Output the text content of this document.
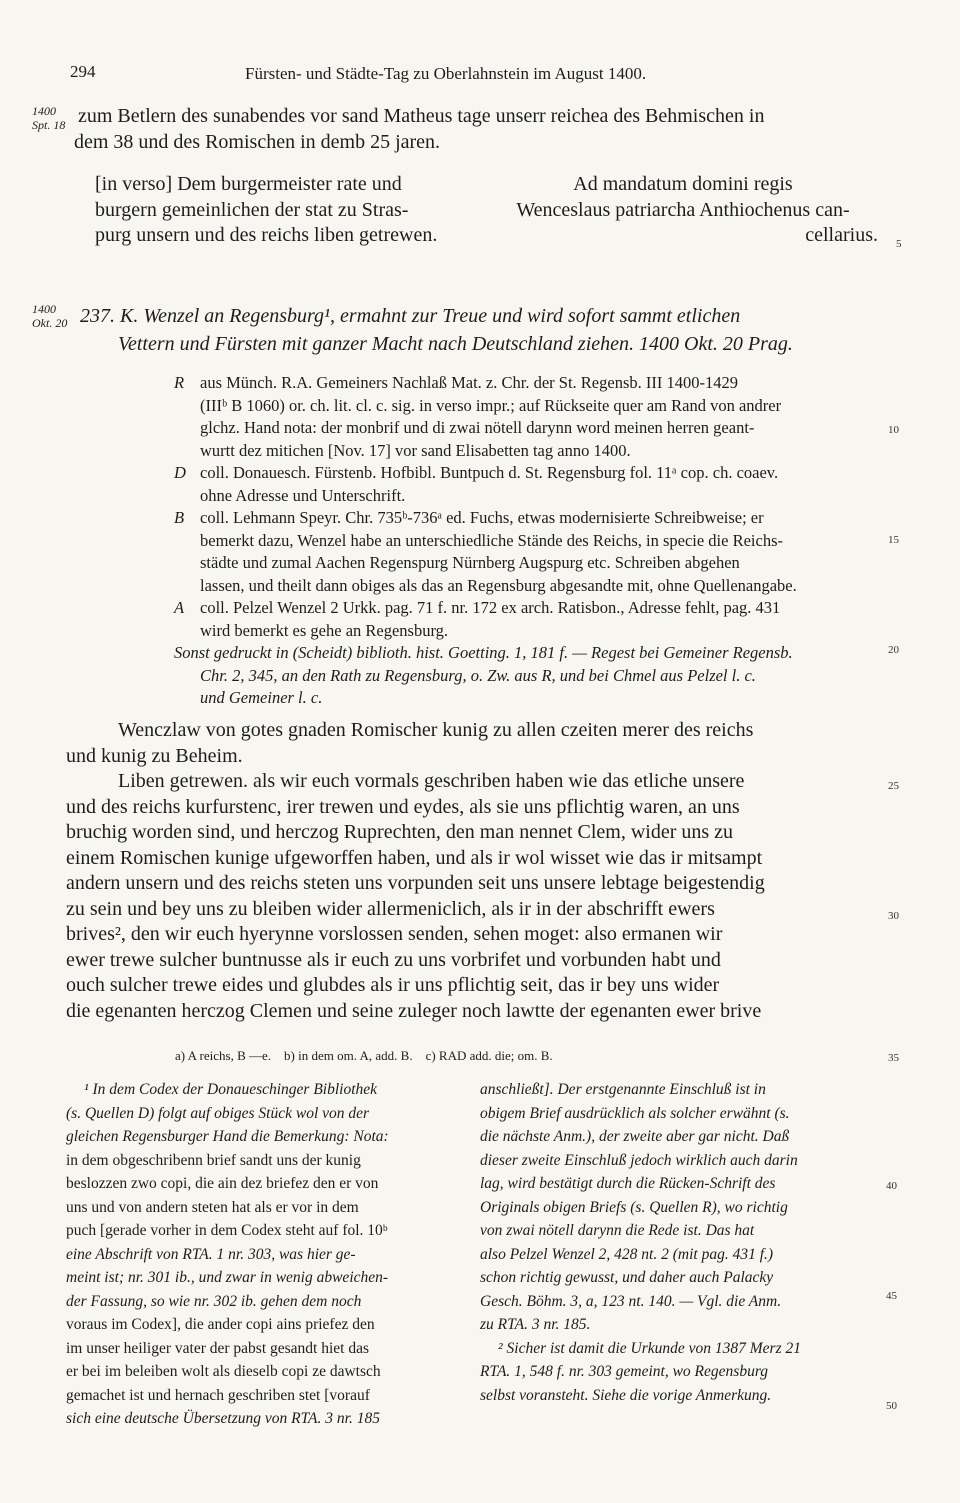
294	Fürsten- und Städte-Tag zu Oberlahnstein im August 1400.
1400
Spt. 18 zum Betlern des sunabendes vor sand Matheus tage unserr reichea des Behmischen in
dem 38 und des Romischen in demb 25 jaren.
[in verso] Dem burgermeister rate und
burgern gemeinlichen der stat zu Stras-
purg unsern und des reichs liben getrewen.
Ad mandatum domini regis
Wenceslaus patriarcha Anthiochenus can-
cellarius.
1400
Okt. 20 237. K. Wenzel an Regensburg¹, ermahnt zur Treue und wird sofort sammt etlichen
Vettern und Fürsten mit ganzer Macht nach Deutschland ziehen. 1400 Okt. 20 Prag.
R aus Münch. R.A. Gemeiners Nachlaß Mat. z. Chr. der St. Regensb. III 1400-1429
(IIIᵇ B 1060) or. ch. lit. cl. c. sig. in verso impr.; auf Rückseite quer am Rand von andrer
glchz. Hand nota: der monbrif und di zwai nötell darynn word meinen herren geant-
wurtt dez mitichen [Nov. 17] vor sand Elisabetten tag anno 1400.
D coll. Donauesch. Fürstenb. Hofbibl. Buntpuch d. St. Regensburg fol. 11ᵃ cop. ch. coaev.
ohne Adresse und Unterschrift.
B coll. Lehmann Speyr. Chr. 735ᵇ-736ᵃ ed. Fuchs, etwas modernisierte Schreibweise; er
bemerkt dazu, Wenzel habe an unterschiedliche Stände des Reichs, in specie die Reichs-
städte und zumal Aachen Regenspurg Nürnberg Augspurg etc. Schreiben abgehen
lassen, und theilt dann obiges als das an Regensburg abgesandte mit, ohne Quellenangabe.
A coll. Pelzel Wenzel 2 Urkk. pag. 71 f. nr. 172 ex arch. Ratisbon., Adresse fehlt, pag. 431
wird bemerkt es gehe an Regensburg.
Sonst gedruckt in (Scheidt) biblioth. hist. Goetting. 1, 181 f. — Regest bei Gemeiner Regensb.
Chr. 2, 345, an den Rath zu Regensburg, o. Zw. aus R, und bei Chmel aus Pelzel l. c.
und Gemeiner l. c.
Wenczlaw von gotes gnaden Romischer kunig zu allen czeiten merer des reichs
und kunig zu Beheim.
Liben getrewen. als wir euch vormals geschriben haben wie das etliche unsere
und des reichs kurfurstenc, irer trewen und eydes, als sie uns pflichtig waren, an uns
bruchig worden sind, und herczog Ruprechten, den man nennet Clem, wider uns zu
einem Romischen kunige ufgeworffen haben, und als ir wol wisset wie das ir mitsampt
andern unsern und des reichs steten uns vorpunden seit uns unsere lebtage beigestendig
zu sein und bey uns zu bleiben wider allermeniclich, als ir in der abschrifft ewers
brives², den wir euch hyerynne vorslossen senden, sehen moget: also ermanen wir
ewer trewe sulcher buntnusse als ir euch zu uns vorbrifet und vorbunden habt und
ouch sulcher trewe eides und glubdes als ir uns pflichtig seit, das ir bey uns wider
die egenanten herczog Clemen und seine zuleger noch lawtte der egenanten ewer brive
a) A reichs, B —e.    b) in dem om. A, add. B.    c) RAD add. die; om. B.
¹ In dem Codex der Donaueschinger Bibliothek
(s. Quellen D) folgt auf obiges Stück wol von der
gleichen Regensburger Hand die Bemerkung: Nota:
in dem obgeschribenn brief sandt uns der kunig
beslozzen zwo copi, die ain dez briefez den er von
uns und von andern steten hat als er vor in dem
puch [gerade vorher in dem Codex steht auf fol. 10ᵇ
eine Abschrift von RTA. 1 nr. 303, was hier ge-
meint ist; nr. 301 ib., und zwar in wenig abweichen-
der Fassung, so wie nr. 302 ib. gehen dem noch
voraus im Codex], die ander copi ains priefez den
im unser heiliger vater der pabst gesandt hiet das
er bei im beleiben wolt als dieselb copi ze dawtsch
gemachet ist und hernach geschriben stet [vorauf
sich eine deutsche Übersetzung von RTA. 3 nr. 185
anschließt]. Der erstgenannte Einschluß ist in
obigem Brief ausdrücklich als solcher erwähnt (s.
die nächste Anm.), der zweite aber gar nicht. Daß
dieser zweite Einschluß jedoch wirklich auch darin
lag, wird bestätigt durch die Rücken-Schrift des
Originals obigen Briefs (s. Quellen R), wo richtig
von zwai nötell darynn die Rede ist. Das hat
also Pelzel Wenzel 2, 428 nt. 2 (mit pag. 431 f.)
schon richtig gewusst, und daher auch Palacky
Gesch. Böhm. 3, a, 123 nt. 140. — Vgl. die Anm.
zu RTA. 3 nr. 185.
² Sicher ist damit die Urkunde von 1387 Merz 21
RTA. 1, 548 f. nr. 303 gemeint, wo Regensburg
selbst voransteht. Siehe die vorige Anmerkung.
5
10
15
20
25
30
35
40
45
50
